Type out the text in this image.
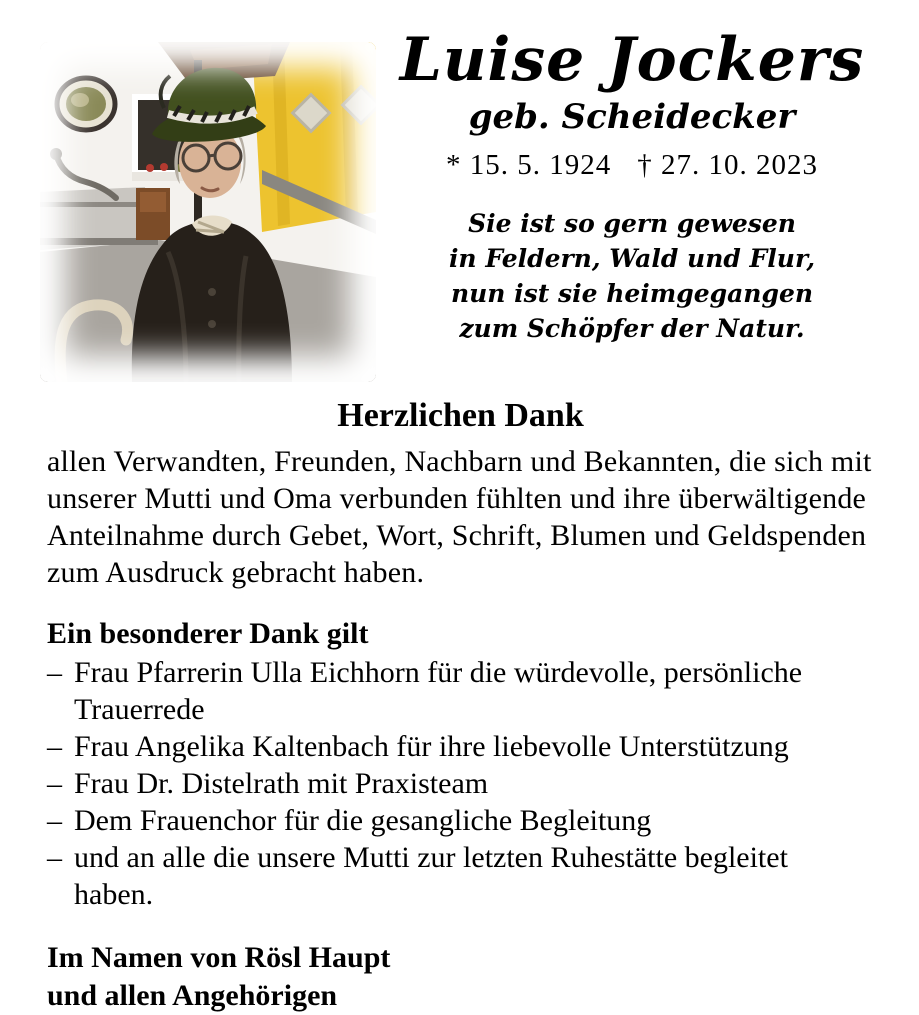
Luise Jockers
geb. Scheidecker
* 15. 5. 1924 † 27. 10. 2023
Sie ist so gern gewesen
in Feldern, Wald und Flur,
nun ist sie heimgegangen
zum Schöpfer der Natur.
Herzlichen Dank
allen Verwandten, Freunden, Nachbarn und Bekannten, die sich mit unserer Mutti und Oma verbunden fühlten und ihre überwältigende Anteilnahme durch Gebet, Wort, Schrift, Blumen und Geldspenden zum Ausdruck gebracht haben.
Ein besonderer Dank gilt
– Frau Pfarrerin Ulla Eichhorn für die würdevolle, persönliche Trauerrede
– Frau Angelika Kaltenbach für ihre liebevolle Unterstützung
– Frau Dr. Distelrath mit Praxisteam
– Dem Frauenchor für die gesangliche Begleitung
– und an alle die unsere Mutti zur letzten Ruhestätte begleitet haben.
Im Namen von Rösl Haupt
und allen Angehörigen
